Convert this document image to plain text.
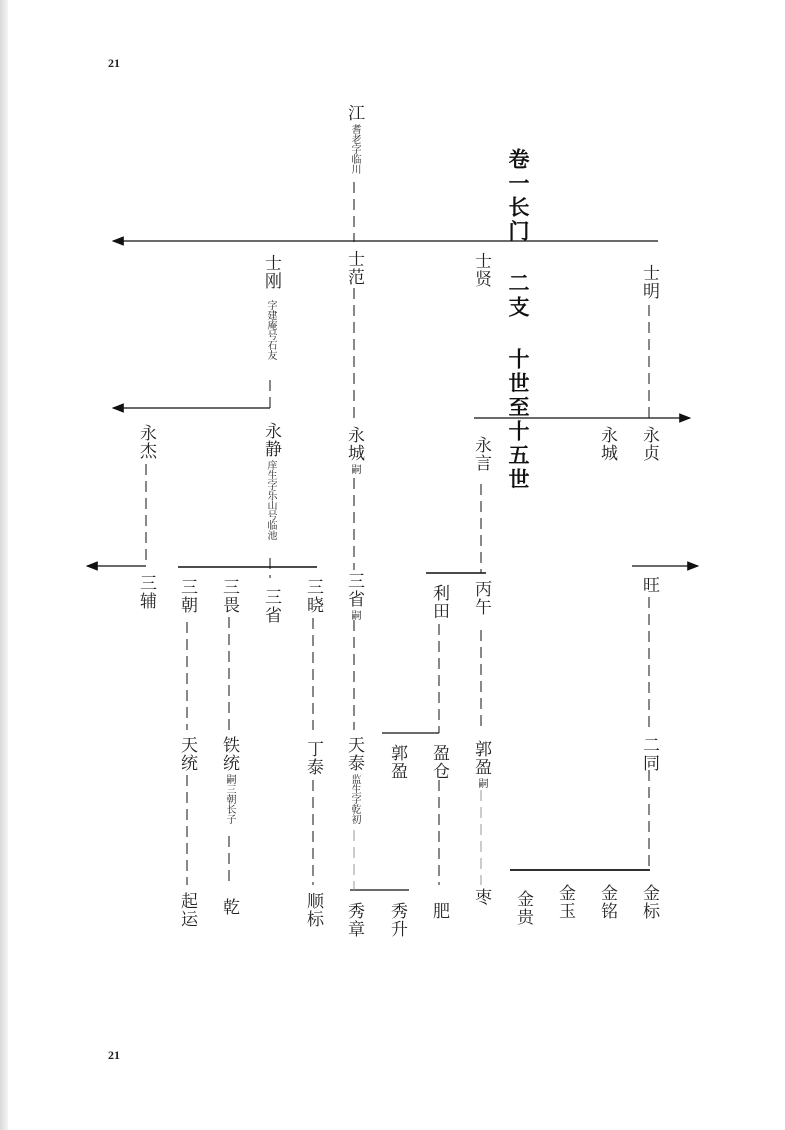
21
21
卷一长门 二支 十世至十五世
江
耆老字临川
士刚
字建庵号石友
士范	士贤	士明
永杰	永静
庠生字乐山号临池
永城
嗣	永言	永城 永贞
三辅 三朝 三畏 三省 三晓 三省
嗣	利田 丙午	旺
天统 铁统
嗣三朝长子
丁泰 天泰
监生字乾初
郭盈 盈仓 郭盈
嗣
二同
起运 乾	顺标 秀章 秀升 肥
枣 金贵 金玉 金铭 金标
